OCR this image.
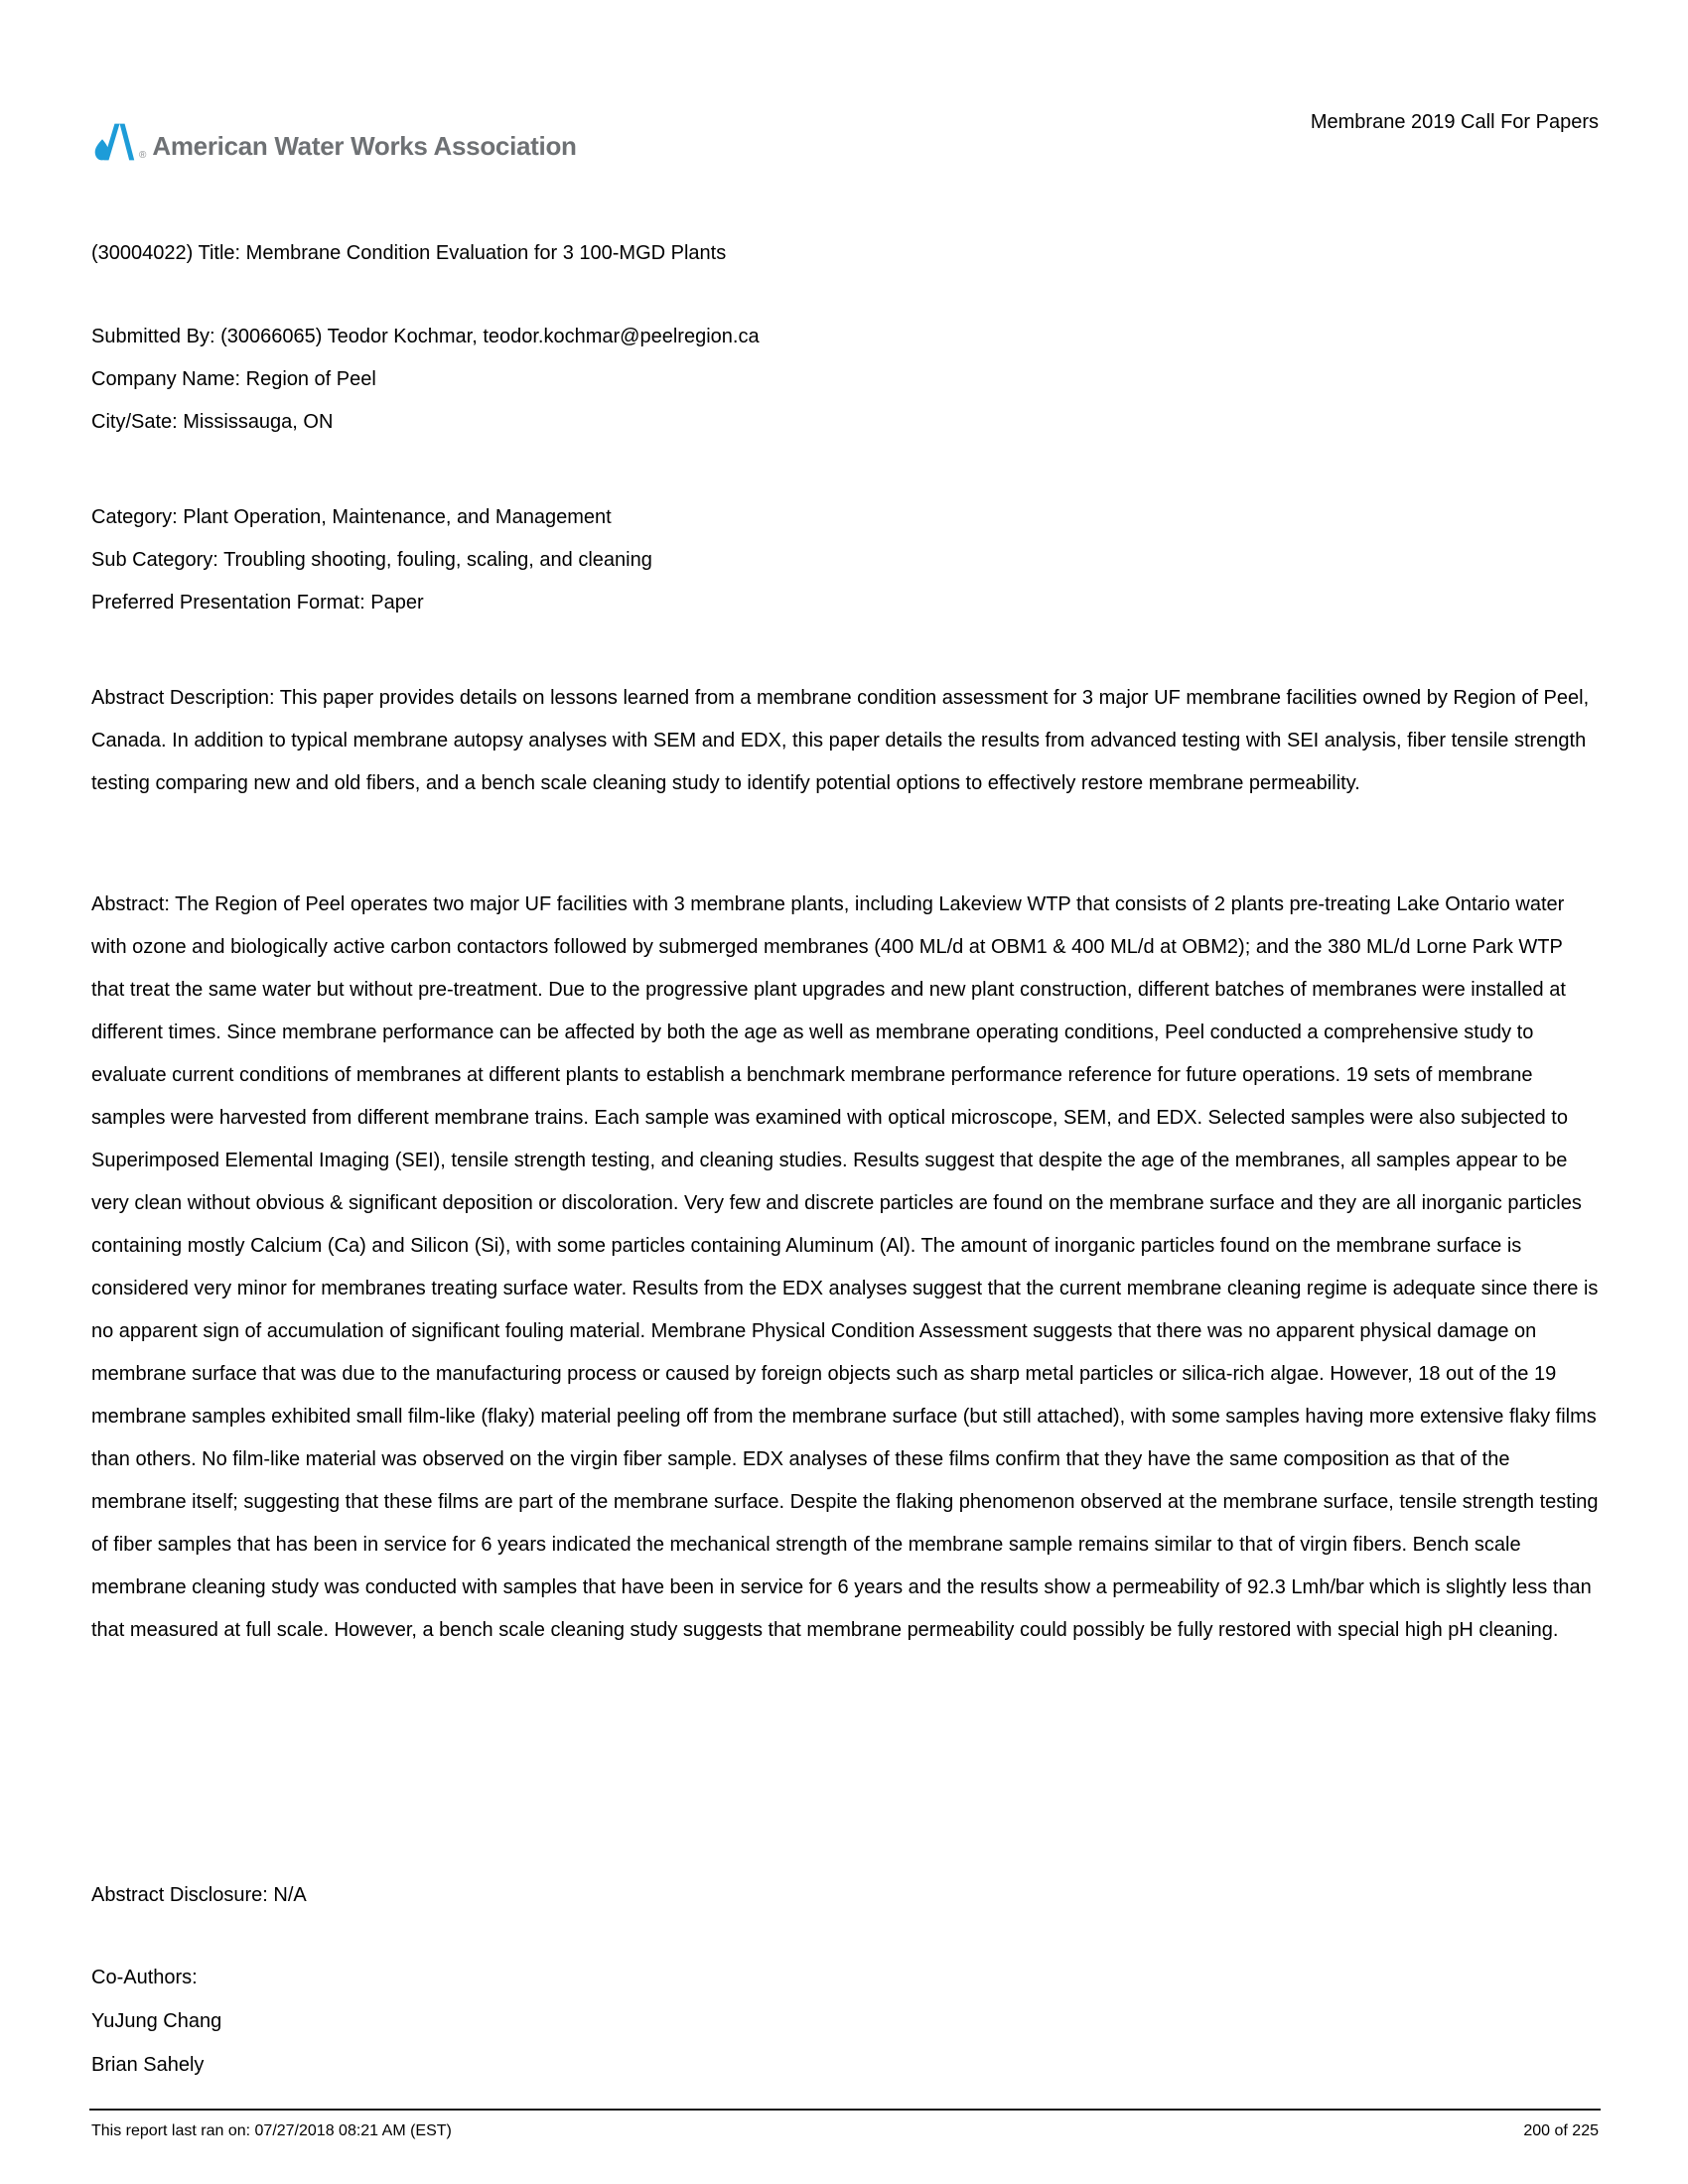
® American Water Works Association
Membrane 2019 Call For Papers
(30004022) Title: Membrane Condition Evaluation for 3 100-MGD Plants
Submitted By: (30066065) Teodor Kochmar, teodor.kochmar@peelregion.ca
Company Name: Region of Peel
City/Sate: Mississauga, ON
Category: Plant Operation, Maintenance, and Management
Sub Category: Troubling shooting, fouling, scaling, and cleaning
Preferred Presentation Format: Paper
Abstract Description: This paper provides details on lessons learned from a membrane condition assessment for 3 major UF membrane facilities owned by Region of Peel, Canada. In addition to typical membrane autopsy analyses with SEM and EDX, this paper details the results from advanced testing with SEI analysis, fiber tensile strength testing comparing new and old fibers, and a bench scale cleaning study to identify potential options to effectively restore membrane permeability.
Abstract: The Region of Peel operates two major UF facilities with 3 membrane plants, including Lakeview WTP that consists of 2 plants pre-treating Lake Ontario water with ozone and biologically active carbon contactors followed by submerged membranes (400 ML/d at OBM1 & 400 ML/d at OBM2); and the 380 ML/d Lorne Park WTP that treat the same water but without pre-treatment. Due to the progressive plant upgrades and new plant construction, different batches of membranes were installed at different times. Since membrane performance can be affected by both the age as well as membrane operating conditions, Peel conducted a comprehensive study to evaluate current conditions of membranes at different plants to establish a benchmark membrane performance reference for future operations. 19 sets of membrane samples were harvested from different membrane trains. Each sample was examined with optical microscope, SEM, and EDX. Selected samples were also subjected to Superimposed Elemental Imaging (SEI), tensile strength testing, and cleaning studies. Results suggest that despite the age of the membranes, all samples appear to be very clean without obvious & significant deposition or discoloration. Very few and discrete particles are found on the membrane surface and they are all inorganic particles containing mostly Calcium (Ca) and Silicon (Si), with some particles containing Aluminum (Al). The amount of inorganic particles found on the membrane surface is considered very minor for membranes treating surface water. Results from the EDX analyses suggest that the current membrane cleaning regime is adequate since there is no apparent sign of accumulation of significant fouling material. Membrane Physical Condition Assessment suggests that there was no apparent physical damage on membrane surface that was due to the manufacturing process or caused by foreign objects such as sharp metal particles or silica-rich algae. However, 18 out of the 19 membrane samples exhibited small film-like (flaky) material peeling off from the membrane surface (but still attached), with some samples having more extensive flaky films than others. No film-like material was observed on the virgin fiber sample. EDX analyses of these films confirm that they have the same composition as that of the membrane itself; suggesting that these films are part of the membrane surface. Despite the flaking phenomenon observed at the membrane surface, tensile strength testing of fiber samples that has been in service for 6 years indicated the mechanical strength of the membrane sample remains similar to that of virgin fibers. Bench scale membrane cleaning study was conducted with samples that have been in service for 6 years and the results show a permeability of 92.3 Lmh/bar which is slightly less than that measured at full scale. However, a bench scale cleaning study suggests that membrane permeability could possibly be fully restored with special high pH cleaning.
Abstract Disclosure: N/A
Co-Authors:
YuJung Chang
Brian Sahely
This report last ran on: 07/27/2018 08:21 AM (EST)	200 of 225
